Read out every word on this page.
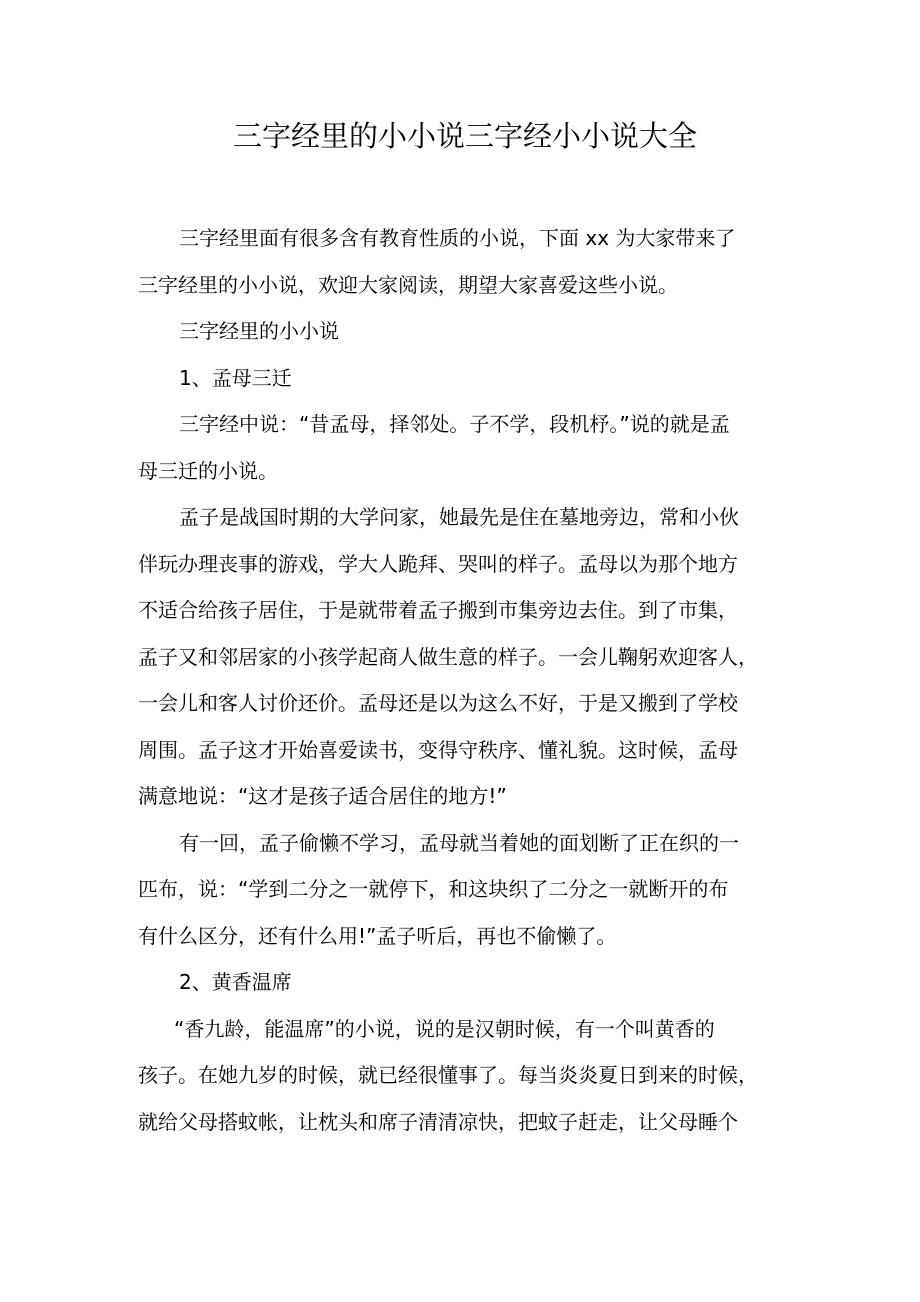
三字经里的小小说三字经小小说大全

三字经里面有很多含有教育性质的小说，下面 xx 为大家带来了
三字经里的小小说，欢迎大家阅读，期望大家喜爱这些小说。

三字经里的小小说

1、孟母三迁

三字经中说：“昔孟母，择邻处。子不学，段机杼。”说的就是孟
母三迁的小说。

孟子是战国时期的大学问家，她最先是住在墓地旁边，常和小伙
伴玩办理丧事的游戏，学大人跪拜、哭叫的样子。孟母以为那个地方
不适合给孩子居住，于是就带着孟子搬到市集旁边去住。到了市集，
孟子又和邻居家的小孩学起商人做生意的样子。一会儿鞠躬欢迎客人，
一会儿和客人讨价还价。孟母还是以为这么不好，于是又搬到了学校
周围。孟子这才开始喜爱读书，变得守秩序、懂礼貌。这时候，孟母
满意地说：“这才是孩子适合居住的地方!”

有一回，孟子偷懒不学习，孟母就当着她的面划断了正在织的一
匹布，说：“学到二分之一就停下，和这块织了二分之一就断开的布
有什么区分，还有什么用!”孟子听后，再也不偷懒了。

2、黄香温席

“香九龄，能温席”的小说，说的是汉朝时候，有一个叫黄香的
孩子。在她九岁的时候，就已经很懂事了。每当炎炎夏日到来的时候，
就给父母搭蚊帐，让枕头和席子清清凉快，把蚊子赶走，让父母睡个
